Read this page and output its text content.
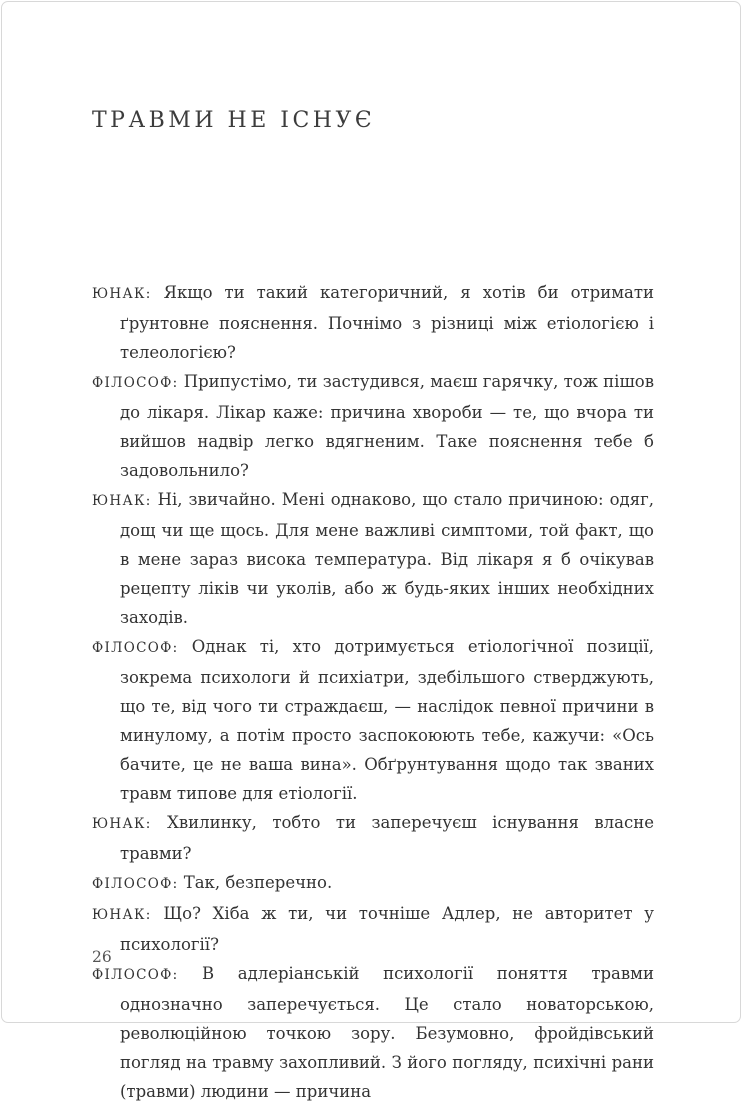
ТРАВМИ НЕ ІСНУЄ

ЮНАК: Якщо ти такий категоричний, я хотів би отримати ґрунтовне пояснення. Почнімо з різниці між етіологією і телеологією?

ФІЛОСОФ: Припустімо, ти застудився, маєш гарячку, тож пішов до лікаря. Лікар каже: причина хвороби — те, що вчора ти вийшов надвір легко вдягненим. Таке пояснення тебе б задовольнило?

ЮНАК: Ні, звичайно. Мені однаково, що стало причиною: одяг, дощ чи ще щось. Для мене важливі симптоми, той факт, що в мене зараз висока температура. Від лікаря я б очікував рецепту ліків чи уколів, або ж будь-яких інших необхідних заходів.

ФІЛОСОФ: Однак ті, хто дотримується етіологічної позиції, зокрема психологи й психіатри, здебільшого стверджують, що те, від чого ти страждаєш, — наслідок певної причини в минулому, а потім просто заспокоюють тебе, кажучи: «Ось бачите, це не ваша вина». Обґрунтування щодо так званих травм типове для етіології.

ЮНАК: Хвилинку, тобто ти заперечуєш існування власне травми?

ФІЛОСОФ: Так, безперечно.

ЮНАК: Що? Хіба ж ти, чи точніше Адлер, не авторитет у психології?

ФІЛОСОФ: В адлеріанській психології поняття травми однозначно заперечується. Це стало новаторською, революційною точкою зору. Безумовно, фройдівський погляд на травму захопливий. З його погляду, психічні рани (травми) людини — причина

26
